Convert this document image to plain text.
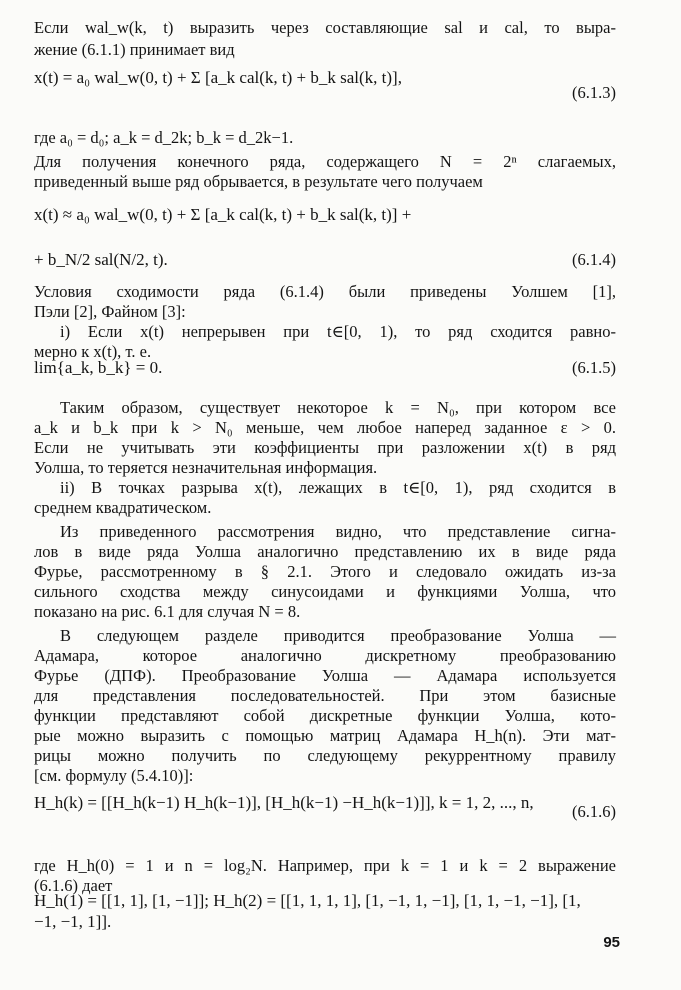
Если wal_w(k, t) выразить через составляющие sal и cal, то выра-
жение (6.1.1) принимает вид
x(t) = a₀ wal_w(0, t) + Σ [a_k cal(k, t) + b_k sal(k, t)],
(6.1.3)
где a₀ = d₀; a_k = d_2k; b_k = d_2k−1.
Для получения конечного ряда, содержащего N = 2ⁿ слагаемых,
приведенный выше ряд обрывается, в результате чего получаем
x(t) ≈ a₀ wal_w(0, t) + Σ [a_k cal(k, t) + b_k sal(k, t)] +
+ b_N/2 sal(N/2, t).	(6.1.4)
Условия сходимости ряда (6.1.4) были приведены Уолшем [1],
Пэли [2], Файном [3]:
i) Если x(t) непрерывен при t∈[0, 1), то ряд сходится равно-
мерно к x(t), т. е.
lim{a_k, b_k} = 0.	(6.1.5)
Таким образом, существует некоторое k = N₀, при котором все
a_k и b_k при k > N₀ меньше, чем любое наперед заданное ε > 0.
Если не учитывать эти коэффициенты при разложении x(t) в ряд
Уолша, то теряется незначительная информация.
ii) В точках разрыва x(t), лежащих в t∈[0, 1), ряд сходится в
среднем квадратическом.
Из приведенного рассмотрения видно, что представление сигна-
лов в виде ряда Уолша аналогично представлению их в виде ряда
Фурье, рассмотренному в § 2.1. Этого и следовало ожидать из-за
сильного сходства между синусоидами и функциями Уолша, что
показано на рис. 6.1 для случая N = 8.
В следующем разделе приводится преобразование Уолша —
Адамара, которое аналогично дискретному преобразованию
Фурье (ДПФ). Преобразование Уолша — Адамара используется
для представления последовательностей. При этом базисные
функции представляют собой дискретные функции Уолша, кото-
рые можно выразить с помощью матриц Адамара H_h(n). Эти мат-
рицы можно получить по следующему рекуррентному правилу
[см. формулу (5.4.10)]:
H_h(k) = [[H_h(k−1) H_h(k−1)], [H_h(k−1) −H_h(k−1)]], k = 1, 2, ..., n,	(6.1.6)
где H_h(0) = 1 и n = log₂N. Например, при k = 1 и k = 2 выражение
(6.1.6) дает
H_h(1) = [[1, 1], [1, −1]]; H_h(2) = [[1, 1, 1, 1], [1, −1, 1, −1], [1, 1, −1, −1], [1, −1, −1, 1]].
95
